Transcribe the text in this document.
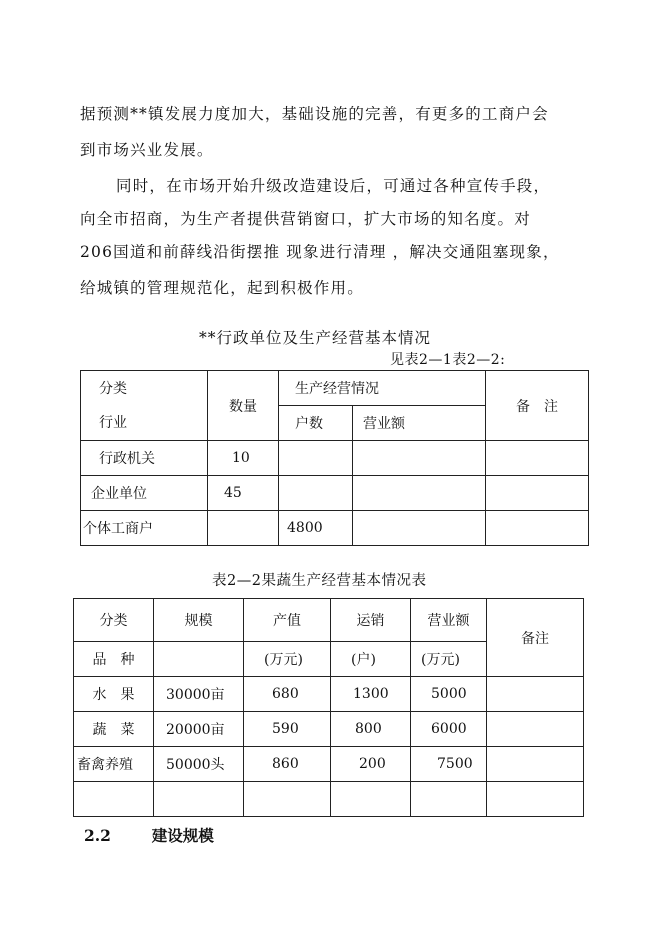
据预测**镇发展力度加大，基础设施的完善，有更多的工商户会
到市场兴业发展。
同时，在市场开始升级改造建设后，可通过各种宣传手段，
向全市招商，为生产者提供营销窗口，扩大市场的知名度。对
206国道和前薛线沿街摆推 现象进行清理 ，解决交通阻塞现象，
给城镇的管理规范化，起到积极作用。
**行政单位及生产经营基本情况
见表2—1表2—2:
分类
行业	数量	生产经营情况		备　注
		户数	营业额	
行政机关	10			
企业单位	45			
个体工商户		4800		
表2—2果蔬生产经营基本情况表
分类	规模	产值	运销	营业额	备注
品　种		(万元)	(户)	(万元)	
水　果	30000亩	680	1300	5000	
蔬　菜	20000亩	590	800	6000	
畜禽养殖	50000头	860	200	7500	

2.2	建设规模
